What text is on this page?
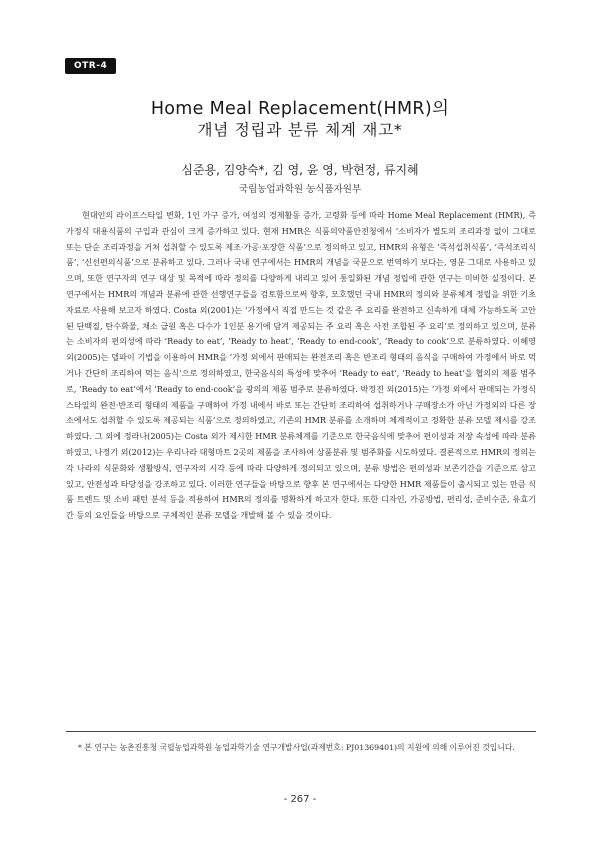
OTR-4
Home Meal Replacement(HMR)의
개념 정립과 분류 체계 재고*
심준용, 김양숙*, 김 영, 윤 영, 박현정, 류지혜
국립농업과학원 농식품자원부
현대인의 라이프스타일 변화, 1인 가구 증가, 여성의 경제활동 증가, 고령화 등에 따라 Home Meal Replacement (HMR), 즉 가정식 대용식품의 구입과 관심이 크게 증가하고 있다. 현재 HMR은 식품의약품안전청에서 ‘소비자가 별도의 조리과정 없이 그대로 또는 단순 조리과정을 거쳐 섭취할 수 있도록 제조·가공·포장한 식품’으로 정의하고 있고, HMR의 유형은 ‘즉석섭취식품’, ‘즉석조리식품’, ‘신선편의식품’으로 분류하고 있다. 그러나 국내 연구에서는 HMR의 개념을 국문으로 번역하기 보다는, 영문 그대로 사용하고 있으며, 또한 연구자의 연구 대상 및 목적에 따라 정의를 다양하게 내리고 있어 통일화된 개념 정립에 관한 연구는 미비한 실정이다. 본 연구에서는 HMR의 개념과 분류에 관한 선행연구들을 검토함으로써 향후, 모호했던 국내 HMR의 정의와 분류체계 정립을 위한 기초자료로 사용해 보고자 하였다. Costa 외(2001)는 ‘가정에서 직접 만드는 것 같은 주 요리를 완전하고 신속하게 대체 가능하도록 고안된 단백질, 탄수화물, 채소 급원 혹은 다수가 1인분 용기에 담겨 제공되는 주 요리 혹은 사전 조합된 주 요리’로 정의하고 있으며, 분류는 소비자의 편의성에 따라 ‘Ready to eat’, ‘Ready to heat’, ‘Ready to end-cook’, ‘Ready to cook’으로 분류하였다. 이혜영 외(2005)는 델파이 기법을 이용하여 HMR을 ‘가정 외에서 판매되는 완전조리 혹은 반조리 형태의 음식을 구매하여 가정에서 바로 먹거나 간단히 조리하여 먹는 음식’으로 정의하였고, 한국음식의 특성에 맞추어 ‘Ready to eat’, ‘Ready to heat’을 협의의 제품 범주로, ‘Ready to eat’에서 ‘Ready to end-cook’을 광의의 제품 범주로 분류하였다. 박정진 외(2015)는 ‘가정 외에서 판매되는 가정식 스타일의 완전·반조리 형태의 제품을 구매하여 가정 내에서 바로 또는 간단히 조리하여 섭취하거나 구매장소가 아닌 가정외의 다른 장소에서도 섭취할 수 있도록 제공되는 식품’으로 정의하였고, 기존의 HMR 분류를 소개하며 체계적이고 정확한 분류 모델 제시를 강조하였다. 그 외에 정라나(2005)는 Costa 외가 제시한 HMR 분류체계를 기준으로 한국음식에 맞추어 편이성과 저장 속성에 따라 분류하였고, 나정기 외(2012)는 우리나라 대형마트 2곳의 제품을 조사하여 상품분류 및 범주화를 시도하였다. 결론적으로 HMR의 정의는 각 나라의 식문화와 생활방식, 연구자의 시각 등에 따라 다양하게 정의되고 있으며, 분류 방법은 편의성과 보존기간을 기준으로 삼고 있고, 안전성과 타당성을 강조하고 있다. 이러한 연구들을 바탕으로 향후 본 연구에서는 다양한 HMR 제품들이 출시되고 있는 만큼 식품 트렌드 및 소비 패턴 분석 등을 적용하여 HMR의 정의를 명확하게 하고자 한다. 또한 디자인, 가공방법, 편리성, 준비수준, 유효기간 등의 요인들을 바탕으로 구체적인 분류 모델을 개발해 볼 수 있을 것이다.
* 본 연구는 농촌진흥청 국립농업과학원 농업과학기술 연구개발사업(과제번호: PJ01369401)의 지원에 의해 이루어진 것입니다.
- 267 -
